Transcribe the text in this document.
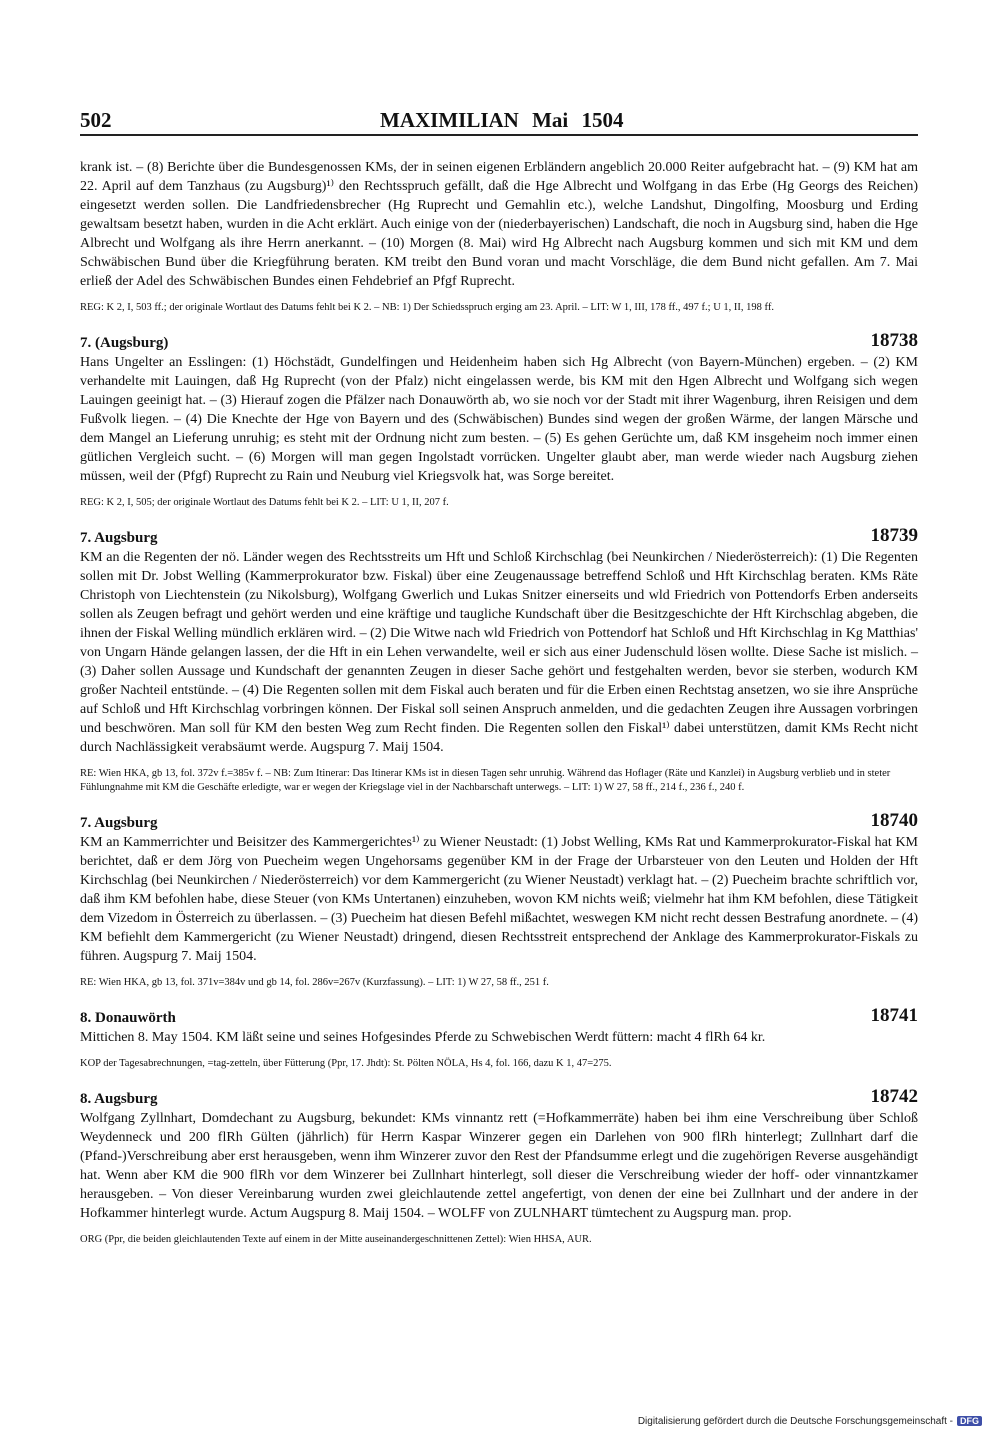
502	MAXIMILIAN Mai 1504

krank ist. – (8) Berichte über die Bundesgenossen KMs, der in seinen eigenen Erbländern angeblich 20.000 Reiter aufgebracht hat. – (9) KM hat am 22. April auf dem Tanzhaus (zu Augsburg)¹⁾ den Rechtsspruch gefällt, daß die Hge Albrecht und Wolfgang in das Erbe (Hg Georgs des Reichen) eingesetzt werden sollen. Die Landfriedensbrecher (Hg Ruprecht und Gemahlin etc.), welche Landshut, Dingolfing, Moosburg und Erding gewaltsam besetzt haben, wurden in die Acht erklärt. Auch einige von der (niederbayerischen) Landschaft, die noch in Augsburg sind, haben die Hge Albrecht und Wolfgang als ihre Herrn anerkannt. – (10) Morgen (8. Mai) wird Hg Albrecht nach Augsburg kommen und sich mit KM und dem Schwäbischen Bund über die Kriegführung beraten. KM treibt den Bund voran und macht Vorschläge, die dem Bund nicht gefallen. Am 7. Mai erließ der Adel des Schwäbischen Bundes einen Fehdebrief an Pfgf Ruprecht.

REG: K 2, I, 503 ff.; der originale Wortlaut des Datums fehlt bei K 2. – NB: 1) Der Schiedsspruch erging am 23. April. – LIT: W 1, III, 178 ff., 497 f.; U 1, II, 198 ff.

7. (Augsburg)	18738

Hans Ungelter an Esslingen: (1) Höchstädt, Gundelfingen und Heidenheim haben sich Hg Albrecht (von Bayern-München) ergeben. – (2) KM verhandelte mit Lauingen, daß Hg Ruprecht (von der Pfalz) nicht eingelassen werde, bis KM mit den Hgen Albrecht und Wolfgang sich wegen Lauingen geeinigt hat. – (3) Hierauf zogen die Pfälzer nach Donauwörth ab, wo sie noch vor der Stadt mit ihrer Wagenburg, ihren Reisigen und dem Fußvolk liegen. – (4) Die Knechte der Hge von Bayern und des (Schwäbischen) Bundes sind wegen der großen Wärme, der langen Märsche und dem Mangel an Lieferung unruhig; es steht mit der Ordnung nicht zum besten. – (5) Es gehen Gerüchte um, daß KM insgeheim noch immer einen gütlichen Vergleich sucht. – (6) Morgen will man gegen Ingolstadt vorrücken. Ungelter glaubt aber, man werde wieder nach Augsburg ziehen müssen, weil der (Pfgf) Ruprecht zu Rain und Neuburg viel Kriegsvolk hat, was Sorge bereitet.

REG: K 2, I, 505; der originale Wortlaut des Datums fehlt bei K 2. – LIT: U 1, II, 207 f.

7. Augsburg	18739

KM an die Regenten der nö. Länder wegen des Rechtsstreits um Hft und Schloß Kirchschlag (bei Neunkirchen / Niederösterreich): (1) Die Regenten sollen mit Dr. Jobst Welling (Kammerprokurator bzw. Fiskal) über eine Zeugenaussage betreffend Schloß und Hft Kirchschlag beraten. KMs Räte Christoph von Liechtenstein (zu Nikolsburg), Wolfgang Gwerlich und Lukas Snitzer einerseits und wld Friedrich von Pottendorfs Erben anderseits sollen als Zeugen befragt und gehört werden und eine kräftige und taugliche Kundschaft über die Besitzgeschichte der Hft Kirchschlag abgeben, die ihnen der Fiskal Welling mündlich erklären wird. – (2) Die Witwe nach wld Friedrich von Pottendorf hat Schloß und Hft Kirchschlag in Kg Matthias' von Ungarn Hände gelangen lassen, der die Hft in ein Lehen verwandelte, weil er sich aus einer Judenschuld lösen wollte. Diese Sache ist mislich. – (3) Daher sollen Aussage und Kundschaft der genannten Zeugen in dieser Sache gehört und festgehalten werden, bevor sie sterben, wodurch KM großer Nachteil entstünde. – (4) Die Regenten sollen mit dem Fiskal auch beraten und für die Erben einen Rechtstag ansetzen, wo sie ihre Ansprüche auf Schloß und Hft Kirchschlag vorbringen können. Der Fiskal soll seinen Anspruch anmelden, und die gedachten Zeugen ihre Aussagen vorbringen und beschwören. Man soll für KM den besten Weg zum Recht finden. Die Regenten sollen den Fiskal¹⁾ dabei unterstützen, damit KMs Recht nicht durch Nachlässigkeit verabsäumt werde. Augspurg 7. Maij 1504.

RE: Wien HKA, gb 13, fol. 372v f.=385v f. – NB: Zum Itinerar: Das Itinerar KMs ist in diesen Tagen sehr unruhig. Während das Hoflager (Räte und Kanzlei) in Augsburg verblieb und in steter Fühlungnahme mit KM die Geschäfte erledigte, war er wegen der Kriegslage viel in der Nachbarschaft unterwegs. – LIT: 1) W 27, 58 ff., 214 f., 236 f., 240 f.

7. Augsburg	18740

KM an Kammerrichter und Beisitzer des Kammergerichtes¹⁾ zu Wiener Neustadt: (1) Jobst Welling, KMs Rat und Kammerprokurator-Fiskal hat KM berichtet, daß er dem Jörg von Puecheim wegen Ungehorsams gegenüber KM in der Frage der Urbarsteuer von den Leuten und Holden der Hft Kirchschlag (bei Neunkirchen / Niederösterreich) vor dem Kammergericht (zu Wiener Neustadt) verklagt hat. – (2) Puecheim brachte schriftlich vor, daß ihm KM befohlen habe, diese Steuer (von KMs Untertanen) einzuheben, wovon KM nichts weiß; vielmehr hat ihm KM befohlen, diese Tätigkeit dem Vizedom in Österreich zu überlassen. – (3) Puecheim hat diesen Befehl mißachtet, weswegen KM nicht recht dessen Bestrafung anordnete. – (4) KM befiehlt dem Kammergericht (zu Wiener Neustadt) dringend, diesen Rechtsstreit entsprechend der Anklage des Kammerprokurator-Fiskals zu führen. Augspurg 7. Maij 1504.

RE: Wien HKA, gb 13, fol. 371v=384v und gb 14, fol. 286v=267v (Kurzfassung). – LIT: 1) W 27, 58 ff., 251 f.

8. Donauwörth	18741

Mittichen 8. May 1504. KM läßt seine und seines Hofgesindes Pferde zu Schwebischen Werdt füttern: macht 4 flRh 64 kr.

KOP der Tagesabrechnungen, =tag-zetteln, über Fütterung (Ppr, 17. Jhdt): St. Pölten NÖLA, Hs 4, fol. 166, dazu K 1, 47=275.

8. Augsburg	18742

Wolfgang Zyllnhart, Domdechant zu Augsburg, bekundet: KMs vinnantz rett (=Hofkammerräte) haben bei ihm eine Verschreibung über Schloß Weydenneck und 200 flRh Gülten (jährlich) für Herrn Kaspar Winzerer gegen ein Darlehen von 900 flRh hinterlegt; Zullnhart darf die (Pfand-)Verschreibung aber erst herausgeben, wenn ihm Winzerer zuvor den Rest der Pfandsumme erlegt und die zugehörigen Reverse ausgehändigt hat. Wenn aber KM die 900 flRh vor dem Winzerer bei Zullnhart hinterlegt, soll dieser die Verschreibung wieder der hoff- oder vinnantzkamer herausgeben. – Von dieser Vereinbarung wurden zwei gleichlautende zettel angefertigt, von denen der eine bei Zullnhart und der andere in der Hofkammer hinterlegt wurde. Actum Augspurg 8. Maij 1504. – WOLFF von ZULNHART tümtechent zu Augspurg man. prop.

ORG (Ppr, die beiden gleichlautenden Texte auf einem in der Mitte auseinandergeschnittenen Zettel): Wien HHSA, AUR.

Digitalisierung gefördert durch die Deutsche Forschungsgemeinschaft - DFG
